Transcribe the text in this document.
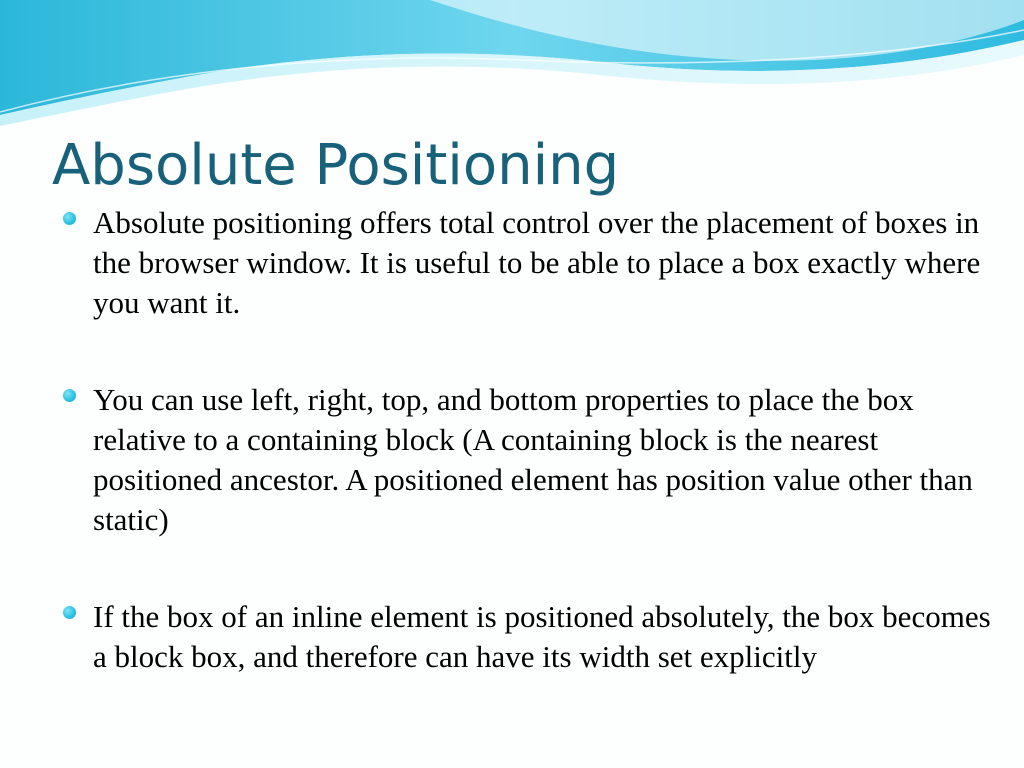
Absolute Positioning
Absolute positioning offers total control over the placement of boxes in the browser window. It is useful to be able to place a box exactly where you want it.
You can use left, right, top, and bottom properties to place the box relative to a containing block (A containing block is the nearest positioned ancestor. A positioned element has position value other than static)
If the box of an inline element is positioned absolutely, the box becomes a block box, and therefore can have its width set explicitly
